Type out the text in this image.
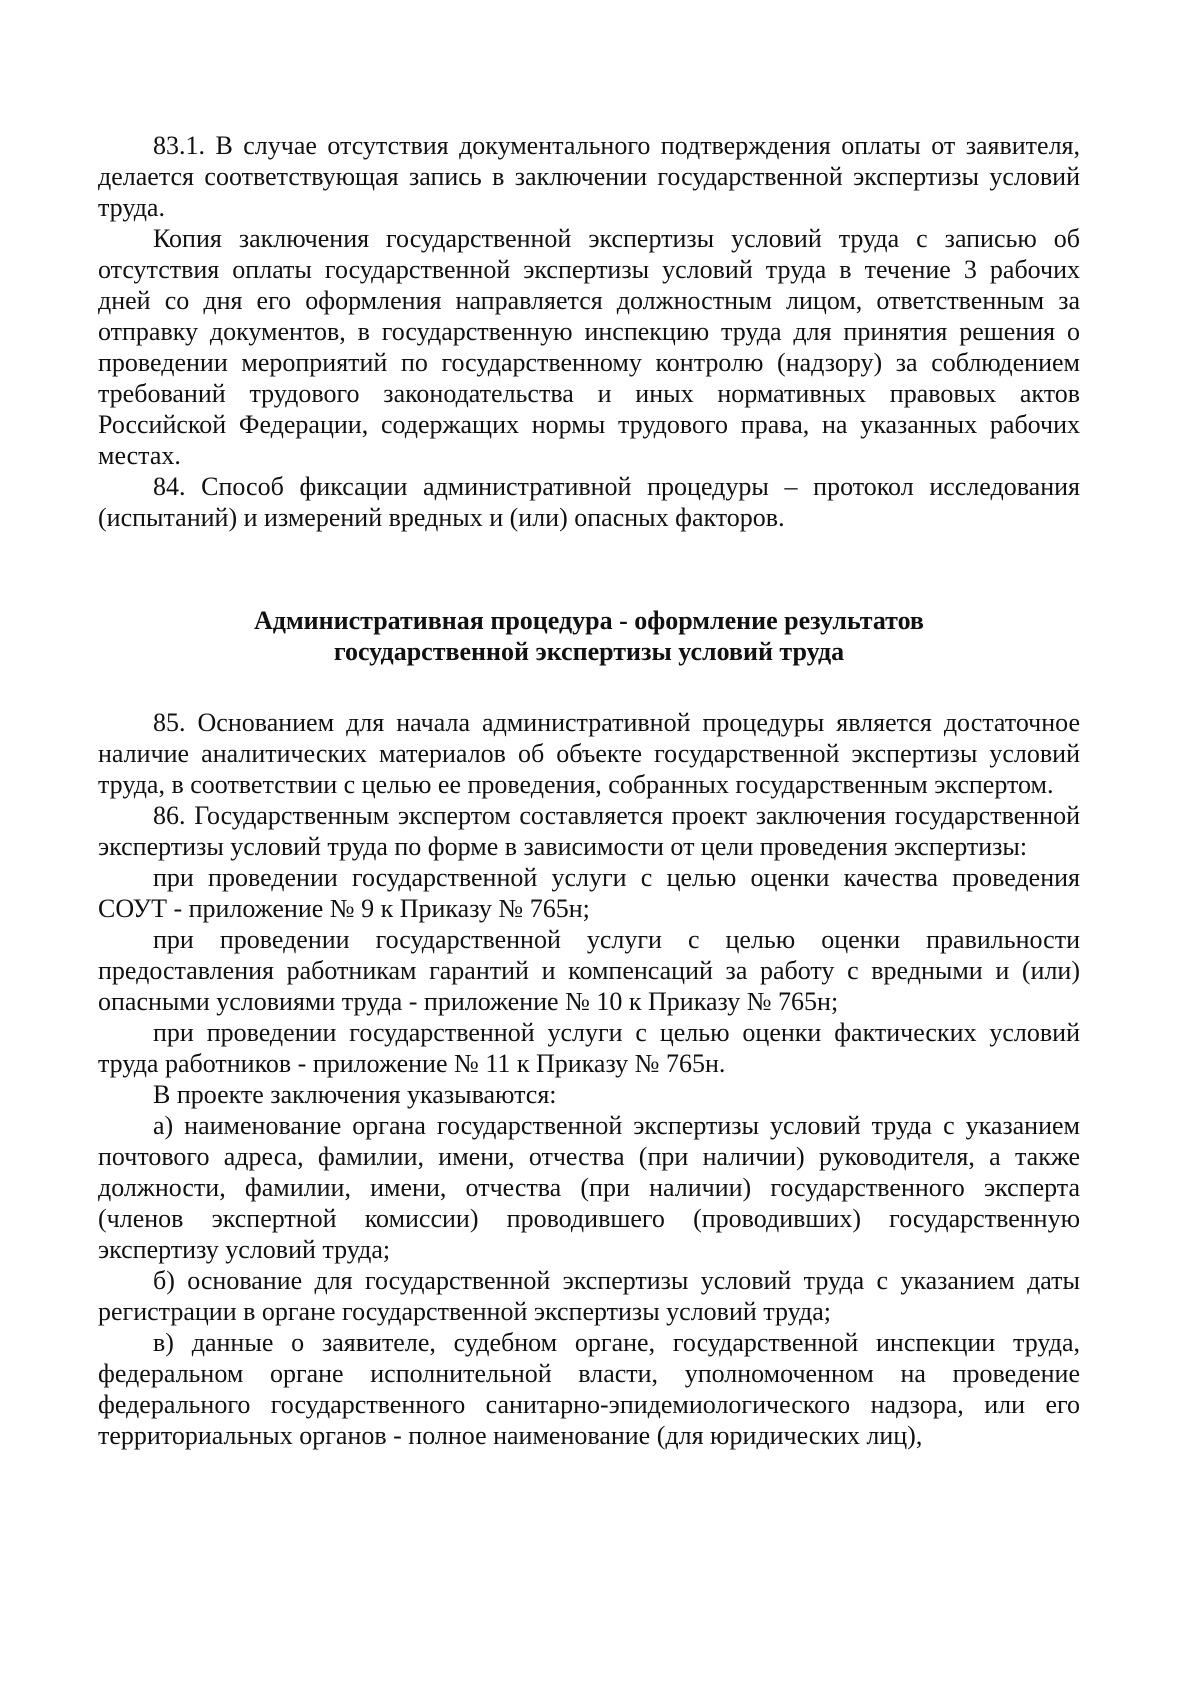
83.1. В случае отсутствия документального подтверждения оплаты от заявителя, делается соответствующая запись в заключении государственной экспертизы условий труда.

Копия заключения государственной экспертизы условий труда с записью об отсутствия оплаты государственной экспертизы условий труда в течение 3 рабочих дней со дня его оформления направляется должностным лицом, ответственным за отправку документов, в государственную инспекцию труда для принятия решения о проведении мероприятий по государственному контролю (надзору) за соблюдением требований трудового законодательства и иных нормативных правовых актов Российской Федерации, содержащих нормы трудового права, на указанных рабочих местах.

84. Способ фиксации административной процедуры – протокол исследования (испытаний) и измерений вредных и (или) опасных факторов.

Административная процедура - оформление результатов

государственной экспертизы условий труда

85. Основанием для начала административной процедуры является достаточное наличие аналитических материалов об объекте государственной экспертизы условий труда, в соответствии с целью ее проведения, собранных государственным экспертом.

86. Государственным экспертом составляется проект заключения государственной экспертизы условий труда по форме в зависимости от цели проведения экспертизы:

при проведении государственной услуги с целью оценки качества проведения СОУТ - приложение № 9 к Приказу № 765н;

при проведении государственной услуги с целью оценки правильности предоставления работникам гарантий и компенсаций за работу с вредными и (или) опасными условиями труда - приложение № 10 к Приказу № 765н;

при проведении государственной услуги с целью оценки фактических условий труда работников - приложение № 11 к Приказу № 765н.

В проекте заключения указываются:

а) наименование органа государственной экспертизы условий труда с указанием почтового адреса, фамилии, имени, отчества (при наличии) руководителя, а также должности, фамилии, имени, отчества (при наличии) государственного эксперта (членов экспертной комиссии) проводившего (проводивших) государственную экспертизу условий труда;

б) основание для государственной экспертизы условий труда с указанием даты регистрации в органе государственной экспертизы условий труда;

в) данные о заявителе, судебном органе, государственной инспекции труда, федеральном органе исполнительной власти, уполномоченном на проведение федерального государственного санитарно-эпидемиологического надзора, или его территориальных органов - полное наименование (для юридических лиц),
